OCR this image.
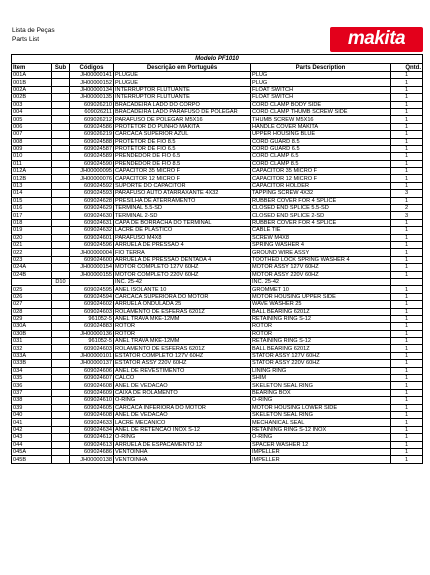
Lista de Peças
Parts List	makita
Modelo PF1010					
Item	Sub	Códigos	Descrição em Português	Parts Description	Qntd.
001A		JH00000141	PLUGUE	PLUG	1
001B		JH00000152	PLUGUE	PLUG	1
002A		JH00000134	INTERRUPTOR FLUTUANTE	FLOAT SWITCH	1
002B		JH00000135	INTERRUPTOR FLUTUANTE	FLOAT SWITCH	1
003		609026210	BRACADEIRA LADO DO CORPO	CORD CLAMP BODY SIDE	1
004		609026211	BRACADEIRA LADO PARAFUSO DE POLEGAR	CORD CLAMP THUMB SCREW SIDE	1
005		609026212	PARAFUSO DE POLEGAR M5X16	THUMB SCREW M5X16	1
006		609024586	PROTETOR DO PUNHO MAKITA	HANDLE COVER MAKITA	1
007		609026219	CARCACA SUPERIOR AZUL	UPPER HOUSING BLUE	1
008		609024588	PROTETOR DE FIO 8.5	CORD GUARD 8.5	1
009		609024587	PROTETOR DE FIO 6.5	CORD GUARD 6.5	1
010		609024589	PRENDEDOR DE FIO 6.5	CORD CLAMP 6.5	1
011		609024590	PRENDEDOR DE FIO 8.5	CORD CLAMP 8.5	1
012A		JH00000095	CAPACITOR 35 MICRO F	CAPACITOR 35 MICRO F	1
012B		JH00000076	CAPACITOR 12 MICRO F	CAPACITOR 12 MICRO F	1
013		609024592	SUPORTE DO CAPACITOR	CAPACITOR HOLDER	1
014		609024593	PARAFUSO AUTO ATARRAXANTE 4X32	TAPPING SCREW 4X32	3
015		609024628	PRESILHA DE ATERRAMENTO	RUBBER COVER FOR 4 SPLICE	1
016		609024629	TERMINAL 5.5-SD	CLOSED END SPLICE 5.5-SD	2
017		609024630	TERMINAL 2-SD	CLOSED END SPLICE 2-SD	3
018		609024631	CAPA DE BORRACHA DO TERMINAL	RUBBER COVER FOR 4 SPLICE	1
019		609024632	LACRE DE PLASTICO	CABLE TIE	1
020		609024601	PARAFUSO M4X8	SCREW M4X8	1
021		609024596	ARRUELA DE PRESSAO 4	SPRING WASHER 4	1
022		JH00000004	FIO TERRA	GROUND WIRE ASSY	1
023		609024600	ARRUELA DE PRESSAO DENTADA 4	TOOTHED LOCK SPRING WASHER 4	1
024A		JH00000154	MOTOR COMPLETO 127V 60HZ	MOTOR ASSY 127V 60HZ	1
024B		JH00000155	MOTOR COMPLETO 220V 60HZ	MOTOR ASSY 220V 60HZ	1
	D10		INC. 25-42	INC. 25-42	
025		609024595	ANEL ISOLANTE 10	GROMMET 10	1
026		609024594	CARCACA SUPERIORA DO MOTOR	MOTOR HOUSING UPPER SIDE	1
027		609024602	ARRUELA ONDULADA 25	WAVE WASHER 25	1
028		609024603	ROLAMENTO DE ESFERAS 6201Z	BALL BEARING 6201Z	1
029		961052-5	ANEL TRAVA MKE-12MM	RETAINING RING S-12	1
030A		609024883	ROTOR	ROTOR	1
030B		JH00000136	ROTOR	ROTOR	1
031		961052-5	ANEL TRAVA MKE-12MM	RETAINING RING S-12	1
032		609024603	ROLAMENTO DE ESFERAS 6201Z	BALL BEARING 6201Z	1
033A		JH00000101	ESTATOR COMPLETO 127V 60HZ	STATOR ASSY 127V 60HZ	1
033B		JH00000137	ESTATOR ASSY 220V 60HZ	STATOR ASSY 220V 60HZ	1
034		609024606	ANEL DE REVESTIMENTO	LINING RING	1
035		609024607	CALCO	SHIM	1
036		609024608	ANEL DE VEDACAO	SKELETON SEAL RING	1
037		609024609	CAIXA DE ROLAMENTO	BEARING BOX	1
038		609024610	O-RING	O-RING	1
039		609024605	CARCACA INFERIORA DO MOTOR	MOTOR HOUSING LOWER SIDE	1
040		609024608	ANEL DE VEDACAO	SKELETON SEAL RING	1
041		609024633	LACRE MECANICO	MECHANICAL SEAL	1
042		609024634	ANEL DE RETENCAO INOX S-12	RETAINING RING S-12 INOX	1
043		609024612	O-RING	O-RING	1
044		609024613	ARRUELA DE ESPACAMENTO 12	SPACER WASHER 12	1
045A		609024686	VENTOINHA	IMPELLER	1
045B		JH00000138	VENTOINHA	IMPELLER	1
